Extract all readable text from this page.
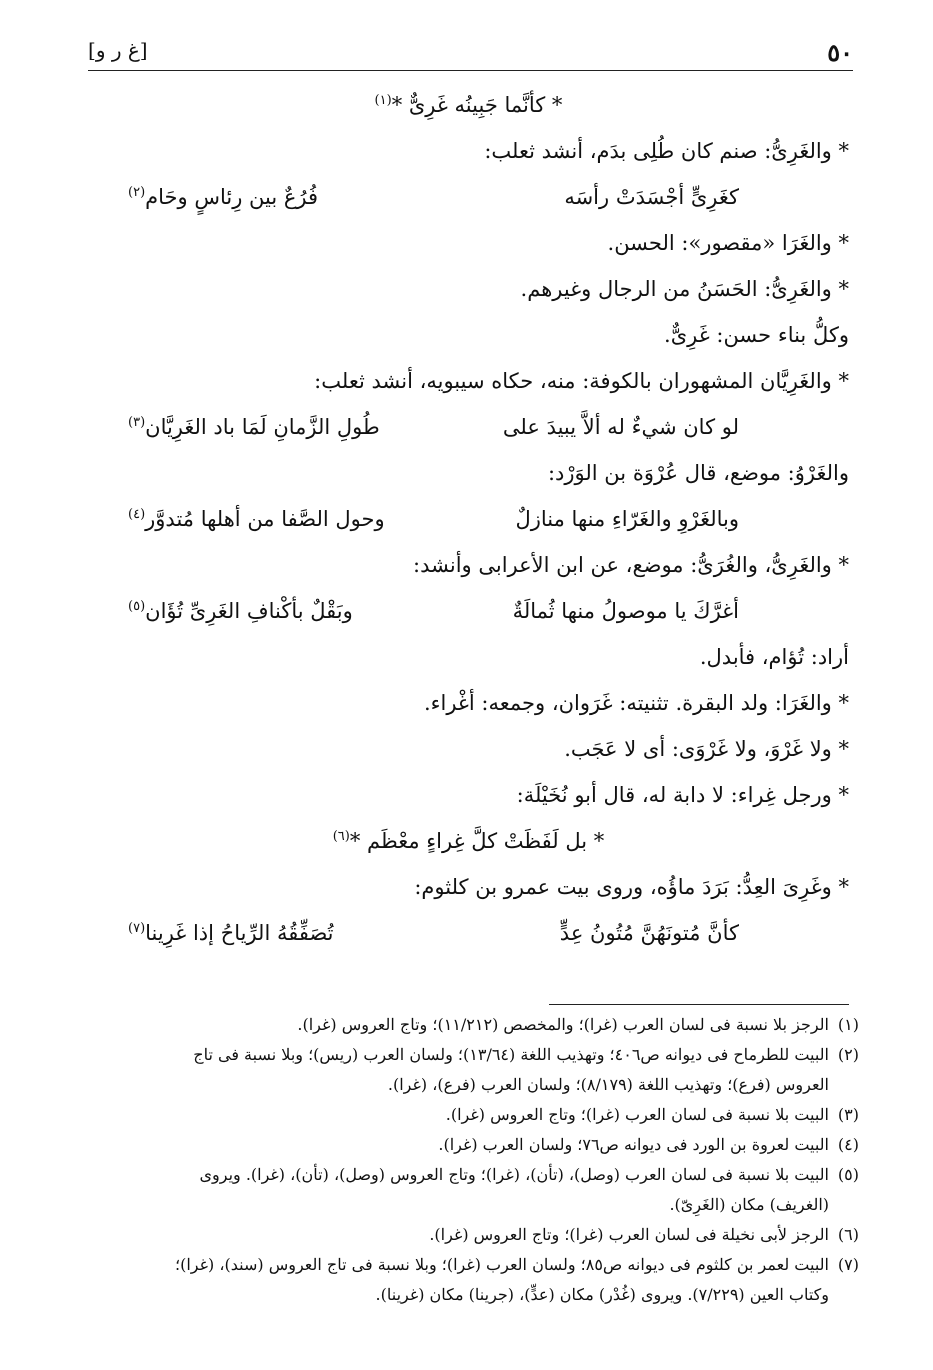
٥٠
[غ ر و]
* كأنَّما جَبِينُه غَرِىٌّ *$^{(١)}$
* والغَرِىُّ: صنم كان طُلِى بدَم، أنشد ثعلب:
كغَرِىٍّ أجْسَدَتْ رأسَه
فُرُعٌ بين رِئاسٍ وحَام$^{(٢)}$
* والغَرَا «مقصور»: الحسن.
* والغَرِىُّ: الحَسَنُ من الرجال وغيرهم.
وكلُّ بناء حسن: غَرِىٌّ.
* والغَرِيَّان المشهوران بالكوفة: منه، حكاه سيبويه، أنشد ثعلب:
لو كان شيءٌ له ألاَّ يبيدَ على
طُولِ الزَّمانِ لَمَا باد الغَرِيَّان$^{(٣)}$
والغَرْوُ: موضع، قال عُرْوَة بن الوَرْد:
وبالغَرْوِ والغَرّاءِ منها منازلٌ
وحول الصَّفا من أهلها مُتدوَّر$^{(٤)}$
* والغَرِىُّ، والغُرَىُّ: موضع، عن ابن الأعرابى وأنشد:
أغرَّكَ يا موصولُ منها ثُمالَةٌ
وبَقْلٌ بأكْنافِ الغَرِىِّ تُؤَان$^{(٥)}$
أراد: تُؤام، فأبدل.
* والغَرَا: ولد البقرة. تثنيته: غَرَوان، وجمعه: أغْراء.
* ولا غَرْوَ، ولا غَرْوَى: أى لا عَجَب.
* ورجل غِراء: لا دابة له، قال أبو نُخَيْلَة:
* بل لَفَظَتْ كلَّ غِراءٍ معْظَم *$^{(٦)}$
* وغَرِىَ العِدُّ: بَرَدَ ماؤُه، وروى بيت عمرو بن كلثوم:
كأنَّ مُتونَهُنَّ مُتُونُ عِدٍّ
تُصَفِّقُهُ الرِّياحُ إذا غَرِينا$^{(٧)}$
(١)
الرجز بلا نسبة فى لسان العرب (غرا)؛ والمخصص (١١/٢١٢)؛ وتاج العروس (غرا).
(٢)
البيت للطرماح فى ديوانه ص٤٠٦؛ وتهذيب اللغة (١٣/٦٤)؛ ولسان العرب (ريس)؛ وبلا نسبة فى تاج
العروس (فرع)؛ وتهذيب اللغة (٨/١٧٩)؛ ولسان العرب (فرع)، (غرا).
(٣)
البيت بلا نسبة فى لسان العرب (غرا)؛ وتاج العروس (غرا).
(٤)
البيت لعروة بن الورد فى ديوانه ص٧٦؛ ولسان العرب (غرا).
(٥)
البيت بلا نسبة فى لسان العرب (وصل)، (تأن)، (غرا)؛ وتاج العروس (وصل)، (تأن)، (غرا). ويروى
(الغريف) مكان (الغَرِىّ).
(٦)
الرجز لأبى نخيلة فى لسان العرب (غرا)؛ وتاج العروس (غرا).
(٧)
البيت لعمر بن كلثوم فى ديوانه ص٨٥؛ ولسان العرب (غرا)؛ وبلا نسبة فى تاج العروس (سند)، (غرا)؛
وكتاب العين (٧/٢٢٩). ويروى (غُدْر) مكان (عدٍّ)، (جرينا) مكان (غرينا).
